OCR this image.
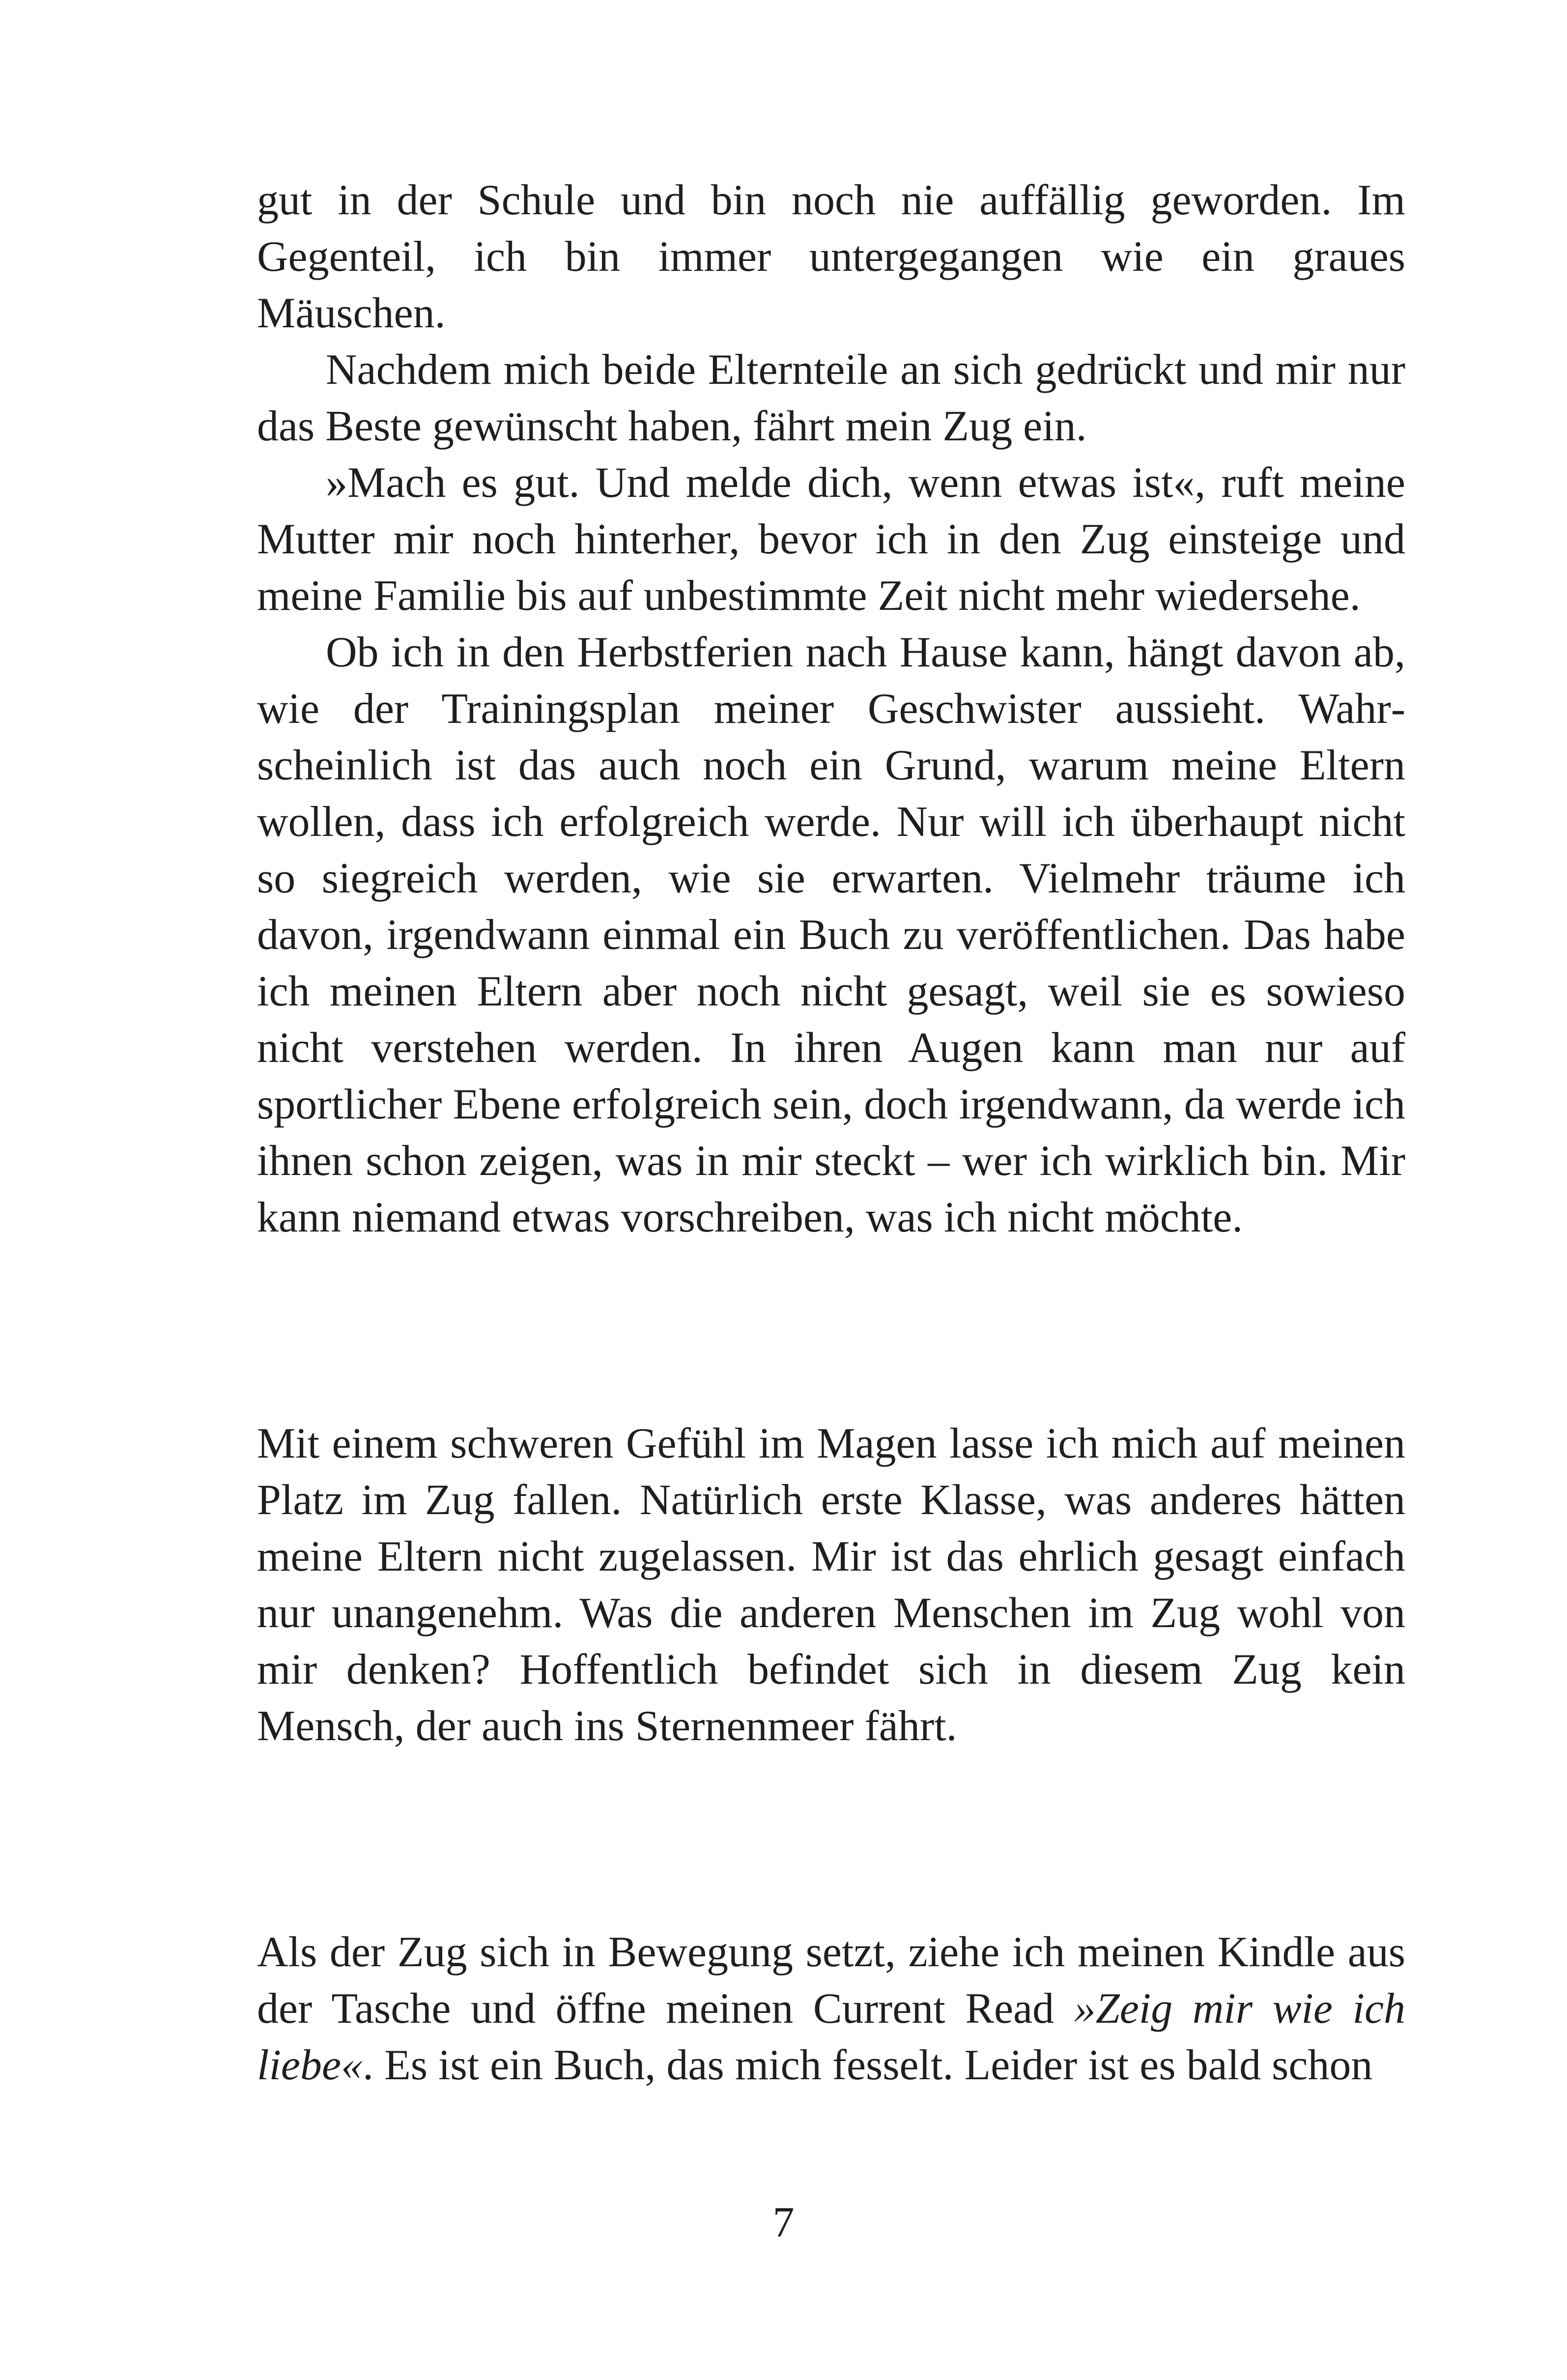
gut in der Schule und bin noch nie auffällig geworden. Im Gegenteil, ich bin immer untergegangen wie ein graues Mäuschen.

Nachdem mich beide Elternteile an sich gedrückt und mir nur das Beste gewünscht haben, fährt mein Zug ein.

»Mach es gut. Und melde dich, wenn etwas ist«, ruft meine Mutter mir noch hinterher, bevor ich in den Zug einsteige und meine Familie bis auf unbestimmte Zeit nicht mehr wiedersehe.

Ob ich in den Herbstferien nach Hause kann, hängt davon ab, wie der Trainingsplan meiner Geschwister aussieht. Wahrscheinlich ist das auch noch ein Grund, warum meine Eltern wollen, dass ich erfolgreich werde. Nur will ich überhaupt nicht so siegreich werden, wie sie erwarten. Vielmehr träume ich davon, irgendwann einmal ein Buch zu veröffentlichen. Das habe ich meinen Eltern aber noch nicht gesagt, weil sie es sowieso nicht verstehen werden. In ihren Augen kann man nur auf sportlicher Ebene erfolgreich sein, doch irgendwann, da werde ich ihnen schon zeigen, was in mir steckt – wer ich wirklich bin. Mir kann niemand etwas vorschreiben, was ich nicht möchte.

Mit einem schweren Gefühl im Magen lasse ich mich auf meinen Platz im Zug fallen. Natürlich erste Klasse, was anderes hätten meine Eltern nicht zugelassen. Mir ist das ehrlich gesagt einfach nur unangenehm. Was die anderen Menschen im Zug wohl von mir denken? Hoffentlich befindet sich in diesem Zug kein Mensch, der auch ins Sternenmeer fährt.

Als der Zug sich in Bewegung setzt, ziehe ich meinen Kindle aus der Tasche und öffne meinen Current Read »Zeig mir wie ich liebe«. Es ist ein Buch, das mich fesselt. Leider ist es bald schon

7
